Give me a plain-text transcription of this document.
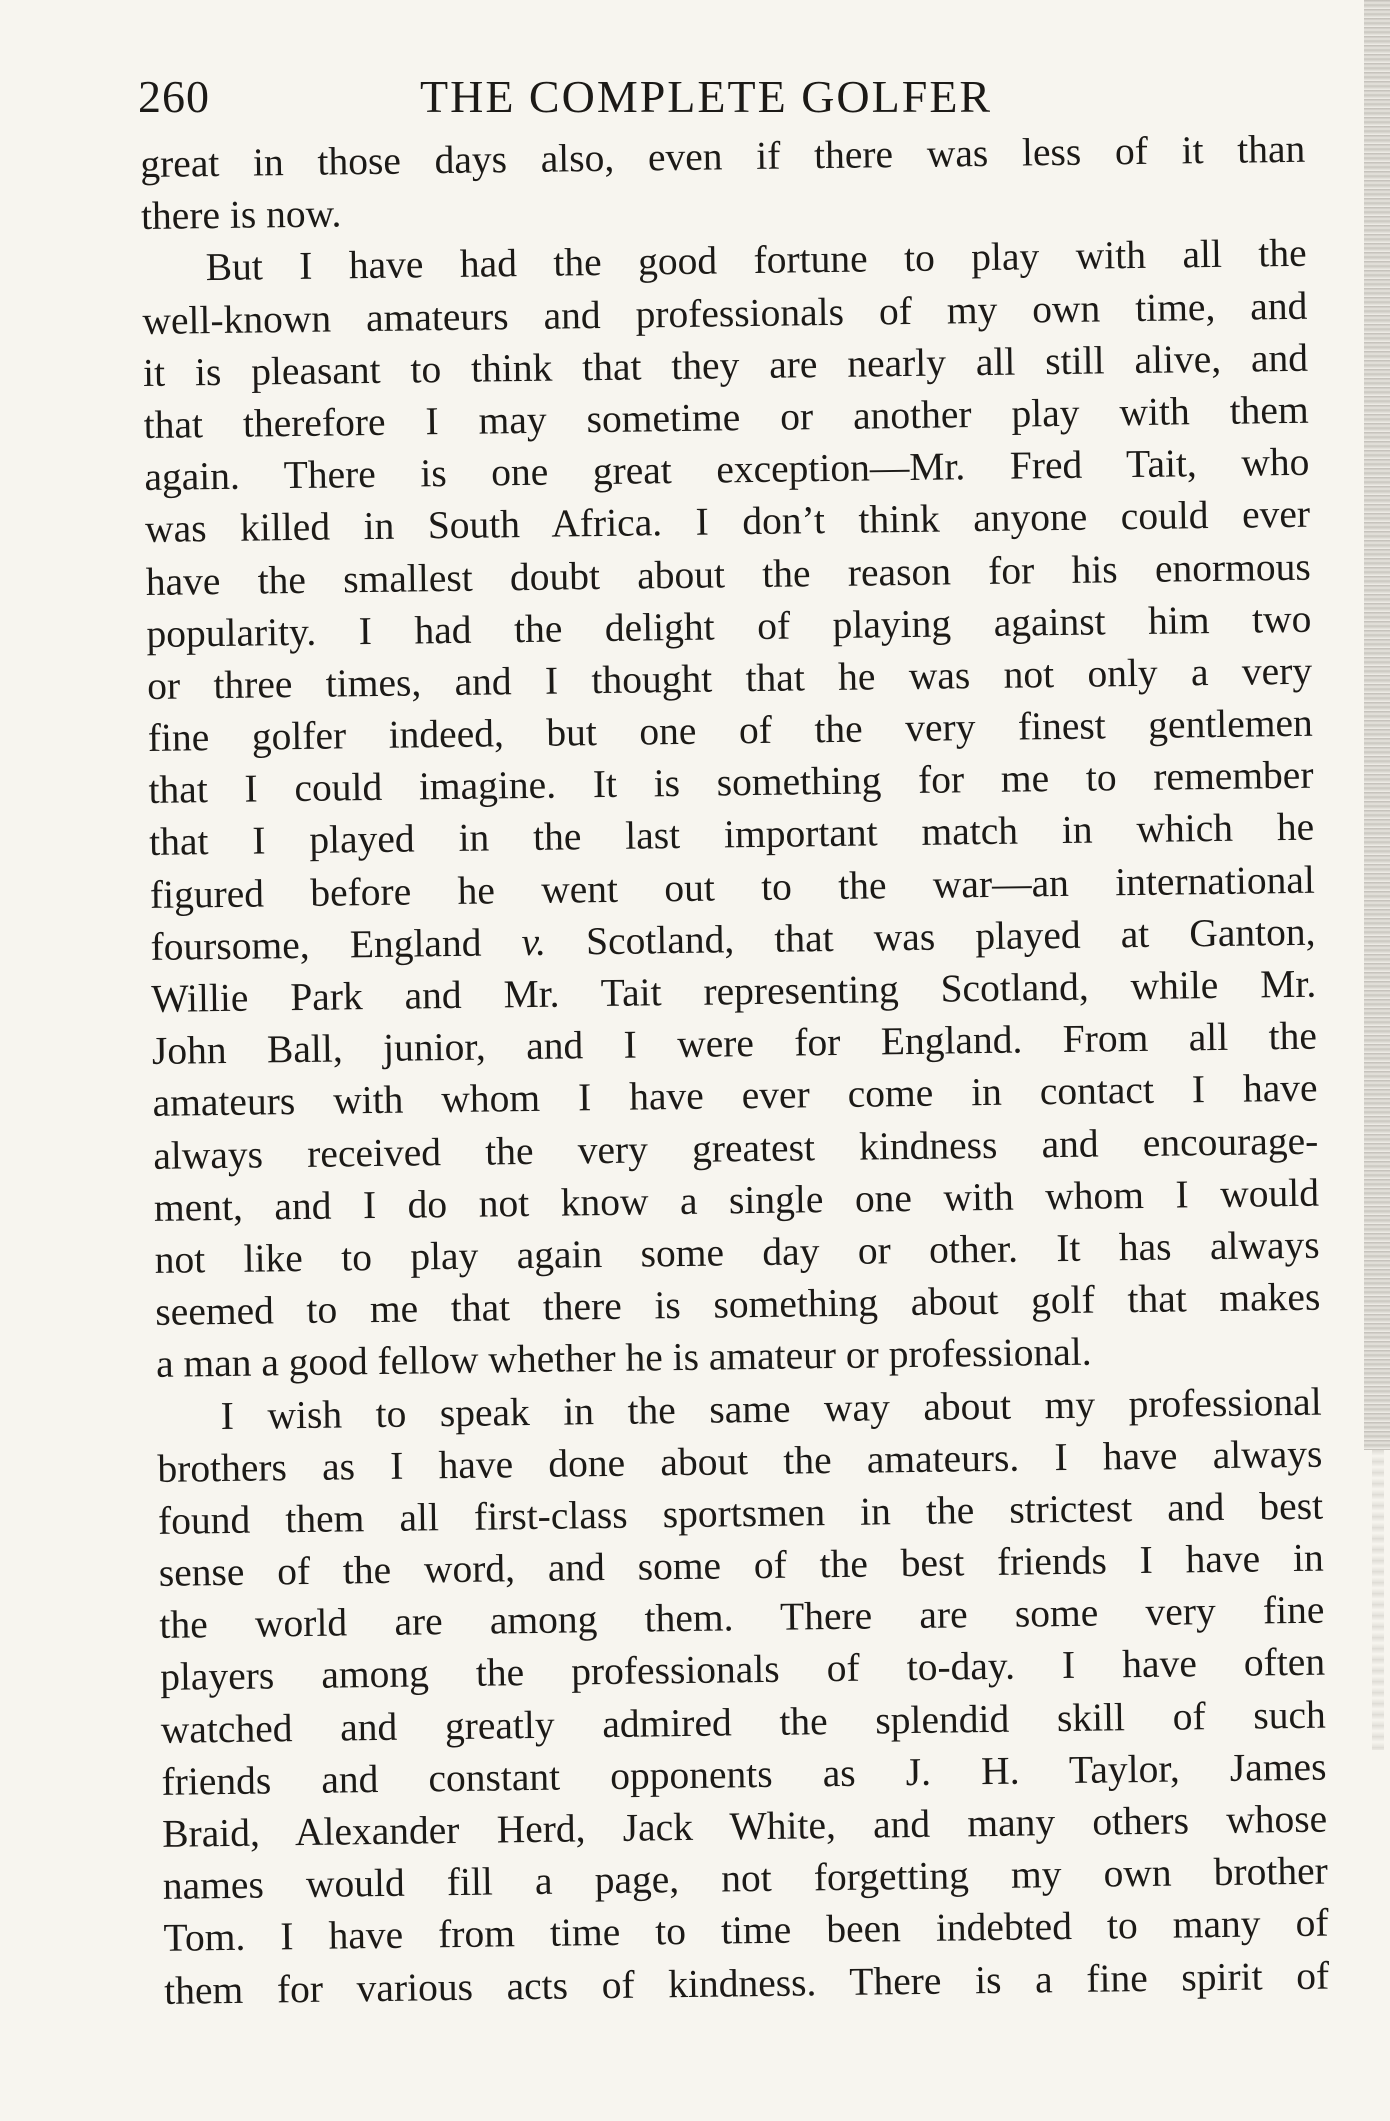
260	THE COMPLETE GOLFER
great in those days also, even if there was less of it than
there is now.
But I have had the good fortune to play with all the
well-known amateurs and professionals of my own time, and
it is pleasant to think that they are nearly all still alive, and
that therefore I may sometime or another play with them
again. There is one great exception—Mr. Fred Tait, who
was killed in South Africa. I don’t think anyone could ever
have the smallest doubt about the reason for his enormous
popularity. I had the delight of playing against him two
or three times, and I thought that he was not only a very
fine golfer indeed, but one of the very finest gentlemen
that I could imagine. It is something for me to remember
that I played in the last important match in which he
figured before he went out to the war—an international
foursome, England v. Scotland, that was played at Ganton,
Willie Park and Mr. Tait representing Scotland, while Mr.
John Ball, junior, and I were for England. From all the
amateurs with whom I have ever come in contact I have
always received the very greatest kindness and encourage-
ment, and I do not know a single one with whom I would
not like to play again some day or other. It has always
seemed to me that there is something about golf that makes
a man a good fellow whether he is amateur or professional.
I wish to speak in the same way about my professional
brothers as I have done about the amateurs. I have always
found them all first-class sportsmen in the strictest and best
sense of the word, and some of the best friends I have in
the world are among them. There are some very fine
players among the professionals of to-day. I have often
watched and greatly admired the splendid skill of such
friends and constant opponents as J. H. Taylor, James
Braid, Alexander Herd, Jack White, and many others whose
names would fill a page, not forgetting my own brother
Tom. I have from time to time been indebted to many of
them for various acts of kindness. There is a fine spirit of
